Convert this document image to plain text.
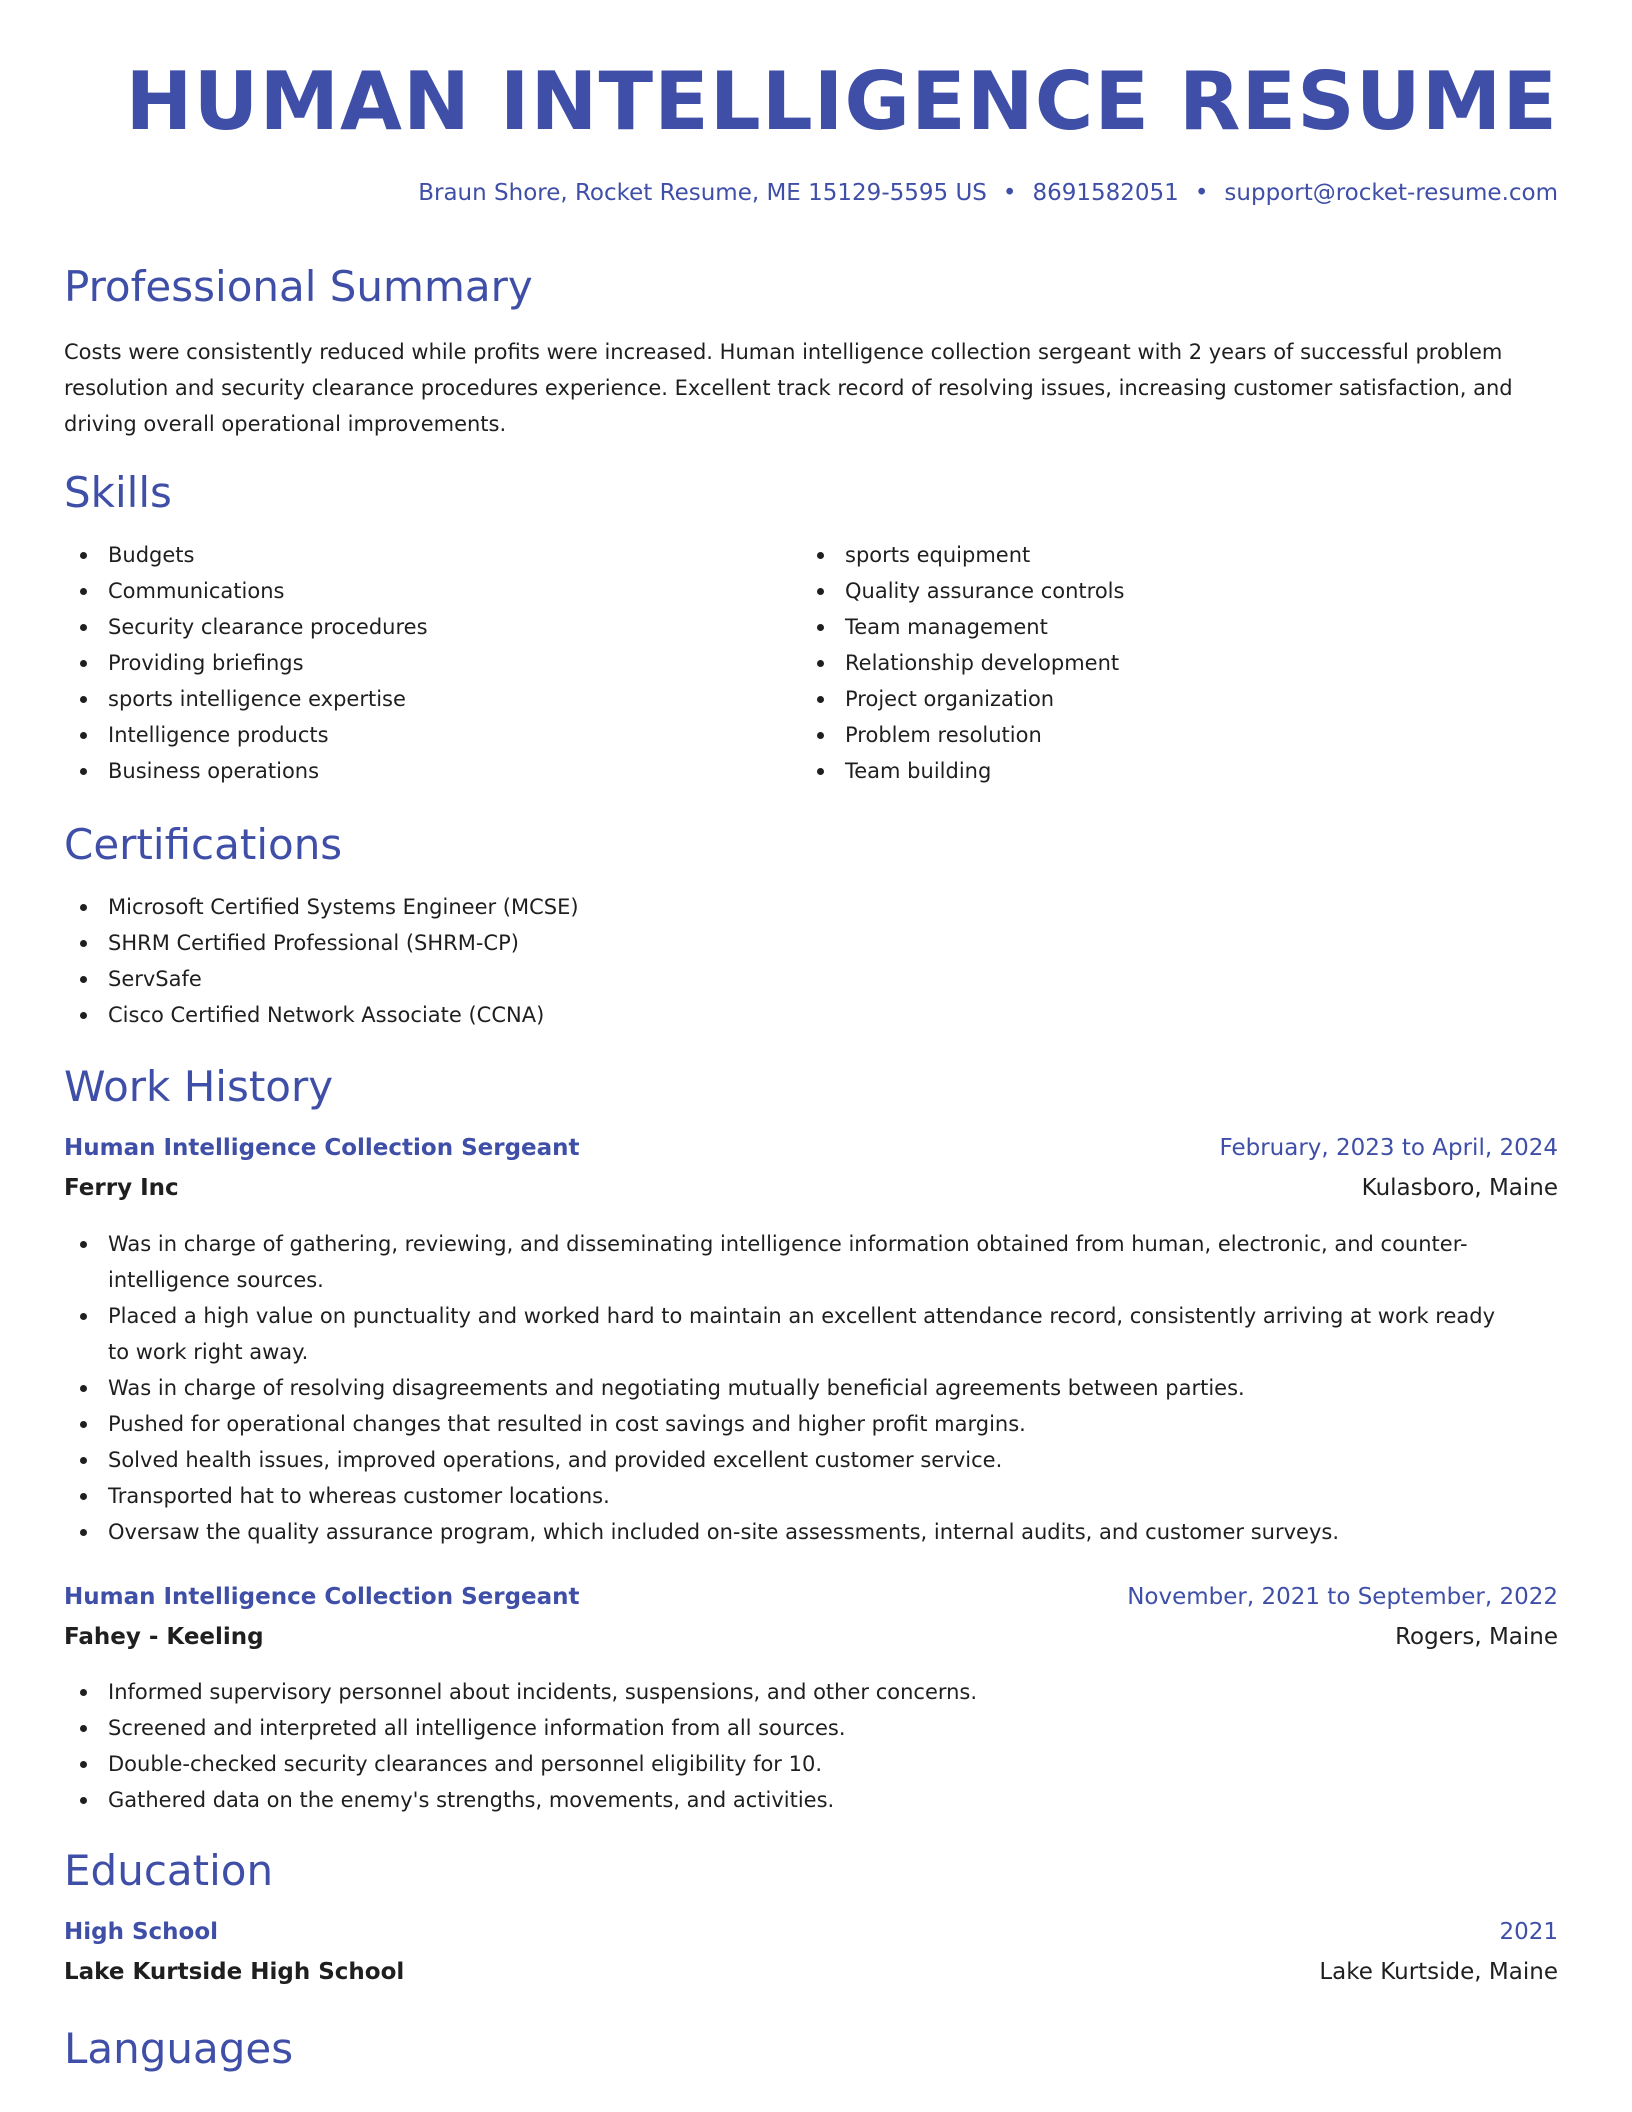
HUMAN INTELLIGENCE RESUME
Braun Shore, Rocket Resume, ME 15129-5595 US • 8691582051 • support@rocket-resume.com
Professional Summary

Costs were consistently reduced while profits were increased. Human intelligence collection sergeant with 2 years of successful problem resolution and security clearance procedures experience. Excellent track record of resolving issues, increasing customer satisfaction, and driving overall operational improvements.

Skills
Budgets
Communications
Security clearance procedures
Providing briefings
sports intelligence expertise
Intelligence products
Business operations
sports equipment
Quality assurance controls
Team management
Relationship development
Project organization
Problem resolution
Team building
Certifications
Microsoft Certified Systems Engineer (MCSE)
SHRM Certified Professional (SHRM-CP)
ServSafe
Cisco Certified Network Associate (CCNA)
Work History
Human Intelligence Collection Sergeant	February, 2023 to April, 2024
Ferry Inc	Kulasboro, Maine
Was in charge of gathering, reviewing, and disseminating intelligence information obtained from human, electronic, and counter-intelligence sources.
Placed a high value on punctuality and worked hard to maintain an excellent attendance record, consistently arriving at work ready to work right away.
Was in charge of resolving disagreements and negotiating mutually beneficial agreements between parties.
Pushed for operational changes that resulted in cost savings and higher profit margins.
Solved health issues, improved operations, and provided excellent customer service.
Transported hat to whereas customer locations.
Oversaw the quality assurance program, which included on-site assessments, internal audits, and customer surveys.
Human Intelligence Collection Sergeant	November, 2021 to September, 2022
Fahey - Keeling	Rogers, Maine
Informed supervisory personnel about incidents, suspensions, and other concerns.
Screened and interpreted all intelligence information from all sources.
Double-checked security clearances and personnel eligibility for 10.
Gathered data on the enemy's strengths, movements, and activities.
Education
High School	2021
Lake Kurtside High School	Lake Kurtside, Maine
Languages
